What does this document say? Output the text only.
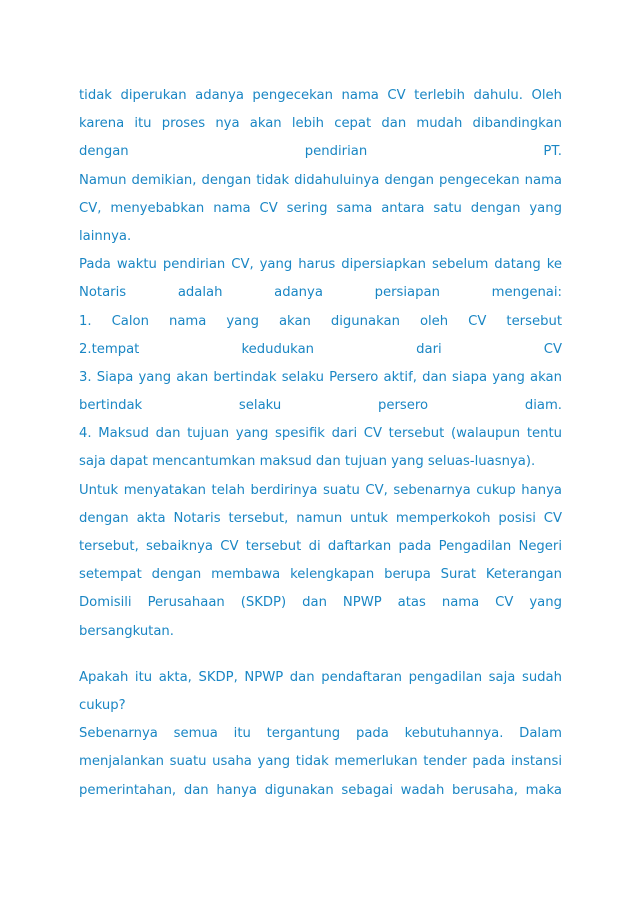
tidak diperukan adanya pengecekan nama CV terlebih dahulu. Oleh
karena itu proses nya akan lebih cepat dan mudah dibandingkan
dengan pendirian PT.
Namun demikian, dengan tidak didahuluinya dengan pengecekan nama
CV, menyebabkan nama CV sering sama antara satu dengan yang
lainnya.
Pada waktu pendirian CV, yang harus dipersiapkan sebelum datang ke
Notaris adalah adanya persiapan mengenai:
1. Calon nama yang akan digunakan oleh CV tersebut
2.tempat kedudukan dari CV
3. Siapa yang akan bertindak selaku Persero aktif, dan siapa yang akan
bertindak selaku persero diam.
4. Maksud dan tujuan yang spesifik dari CV tersebut (walaupun tentu
saja dapat mencantumkan maksud dan tujuan yang seluas-luasnya).
Untuk menyatakan telah berdirinya suatu CV, sebenarnya cukup hanya
dengan akta Notaris tersebut, namun untuk memperkokoh posisi CV
tersebut, sebaiknya CV tersebut di daftarkan pada Pengadilan Negeri
setempat dengan membawa kelengkapan berupa Surat Keterangan
Domisili Perusahaan (SKDP) dan NPWP atas nama CV yang
bersangkutan.
Apakah itu akta, SKDP, NPWP dan pendaftaran pengadilan saja sudah
cukup?
Sebenarnya semua itu tergantung pada kebutuhannya. Dalam
menjalankan suatu usaha yang tidak memerlukan tender pada instansi
pemerintahan, dan hanya digunakan sebagai wadah berusaha, maka
